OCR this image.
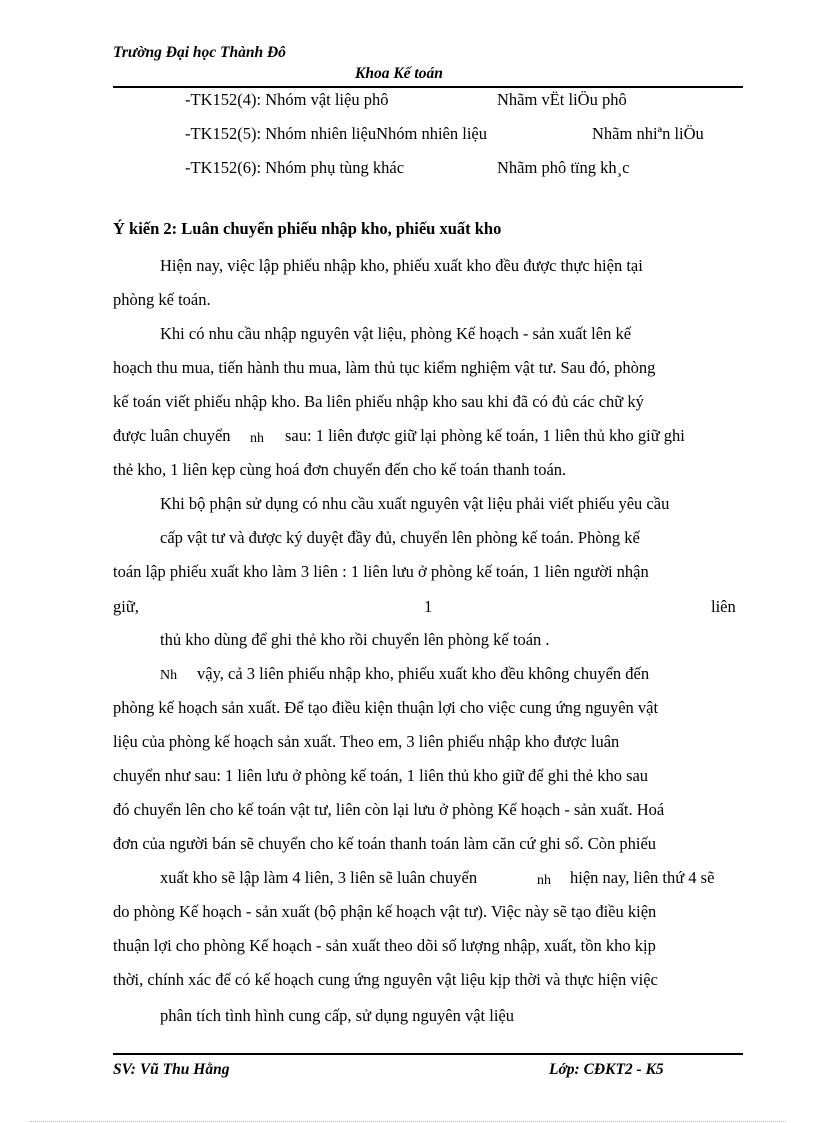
Trường Đại học Thành Đô
Khoa Kế toán
-TK152(4): Nhóm vật liệu phô	Nhãm vËt liÖu phô
-TK152(5): Nhóm nhiên liệuNhóm nhiên liệu	Nhãm nhiªn liÖu
-TK152(6): Nhóm phụ tùng khác	Nhãm phô tïng kh¸c
Ý kiến 2: Luân chuyển phiếu nhập kho, phiếu xuất kho
Hiện nay, việc lập phiếu nhập kho, phiếu xuất kho đều được thực hiện tại
phòng kế toán.
Khi có nhu cầu nhập nguyên vật liệu, phòng Kế hoạch - sản xuất lên kế
hoạch thu mua, tiến hành thu mua, làm thủ tục kiểm nghiệm vật tư. Sau đó, phòng
kế toán viết phiếu nhập kho. Ba liên phiếu nhập kho sau khi đã có đủ các chữ ký
được luân chuyển nh sau: 1 liên được giữ lại phòng kế toán, 1 liên thủ kho giữ ghi
thẻ kho, 1 liên kẹp cùng hoá đơn chuyển đến cho kế toán thanh toán.
Khi bộ phận sử dụng có nhu cầu xuất nguyên vật liệu phải viết phiếu yêu cầu
cấp vật tư và được ký duyệt đầy đủ, chuyển lên phòng kế toán. Phòng kế
toán lập phiếu xuất kho làm 3 liên : 1 liên lưu ở phòng kế toán, 1 liên người nhận
giữ,	1	liên
thủ kho dùng để ghi thẻ kho rồi chuyển lên phòng kế toán .
Nh vậy, cả 3 liên phiếu nhập kho, phiếu xuất kho đều không chuyển đến
phòng kế hoạch sản xuất. Để tạo điều kiện thuận lợi cho việc cung ứng nguyên vật
liệu của phòng kế hoạch sản xuất. Theo em, 3 liên phiếu nhập kho được luân
chuyển như sau: 1 liên lưu ở phòng kế toán, 1 liên thủ kho giữ để ghi thẻ kho sau
đó chuyển lên cho kế toán vật tư, liên còn lại lưu ở phòng Kế hoạch - sản xuất. Hoá
đơn của người bán sẽ chuyển cho kế toán thanh toán làm căn cứ ghi sổ. Còn phiếu
xuất kho sẽ lập làm 4 liên, 3 liên sẽ luân chuyển	nh hiện nay, liên thứ 4 sẽ
do phòng Kế hoạch - sản xuất (bộ phận kế hoạch vật tư). Việc này sẽ tạo điều kiện
thuận lợi cho phòng Kế hoạch - sản xuất theo dõi số lượng nhập, xuất, tồn kho kịp
thời, chính xác để có kế hoạch cung ứng nguyên vật liệu kịp thời và thực hiện việc
phân tích tình hình cung cấp, sử dụng nguyên vật liệu
SV: Vũ Thu Hằng	Lớp: CĐKT2 - K5
